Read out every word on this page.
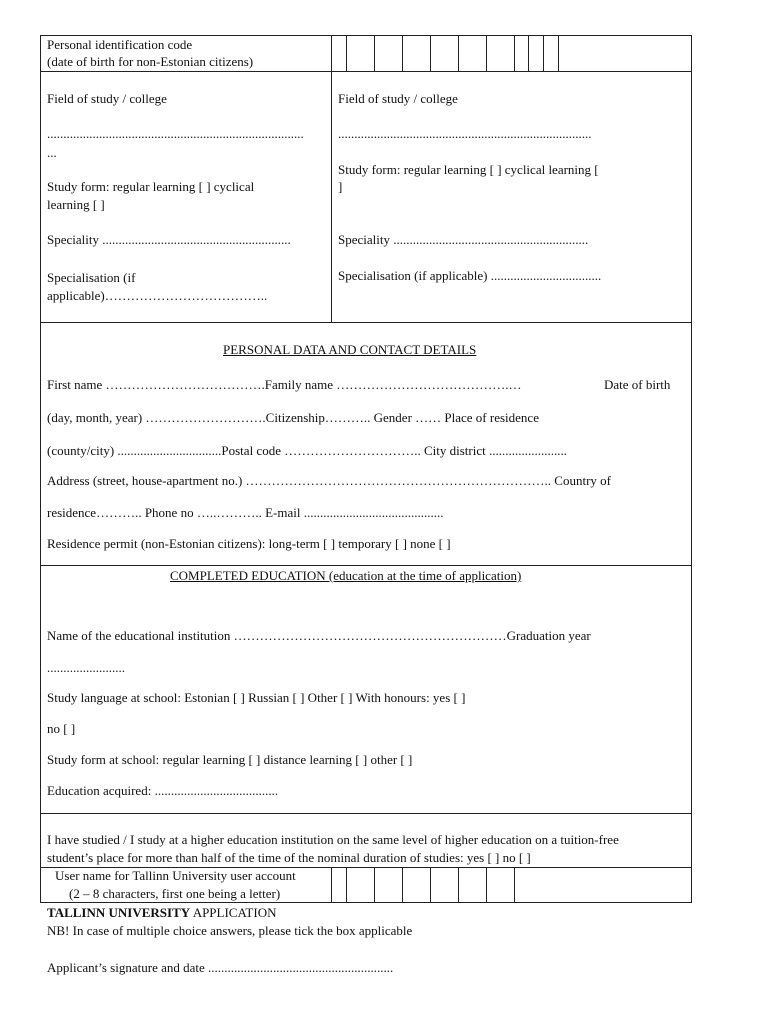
Personal identification code
(date of birth for non-Estonian citizens)
Field of study / college
...............................................................................
...
Study form: regular learning [ ] cyclical
learning [ ]
Speciality ..........................................................
Specialisation (if
applicable)………………………………..
Field of study / college
..............................................................................
Study form: regular learning [ ] cyclical learning [
]
Speciality ............................................................
Specialisation (if applicable) ..................................
PERSONAL DATA AND CONTACT DETAILS
First name ……………………………….Family name ………………………………….…	Date of birth
(day, month, year) ……………………….Citizenship……….. Gender …… Place of residence
(county/city) ................................Postal code ………………………….. City district ........................
Address (street, house-apartment no.) …………………………………………………………….. Country of
residence……….. Phone no …..……….. E-mail ...........................................
Residence permit (non-Estonian citizens): long-term [ ] temporary [ ] none [ ]
COMPLETED EDUCATION (education at the time of application)
Name of the educational institution ………………………………………………………Graduation year
........................
Study language at school: Estonian [ ] Russian [ ] Other [ ] With honours: yes [ ]
no [ ]
Study form at school: regular learning [ ] distance learning [ ] other [ ]
Education acquired: ......................................
I have studied / I study at a higher education institution on the same level of higher education on a tuition-free
student’s place for more than half of the time of the nominal duration of studies: yes [ ] no [ ]
User name for Tallinn University user account
(2 – 8 characters, first one being a letter)
TALLINN UNIVERSITY APPLICATION
NB! In case of multiple choice answers, please tick the box applicable
Applicant’s signature and date .........................................................
